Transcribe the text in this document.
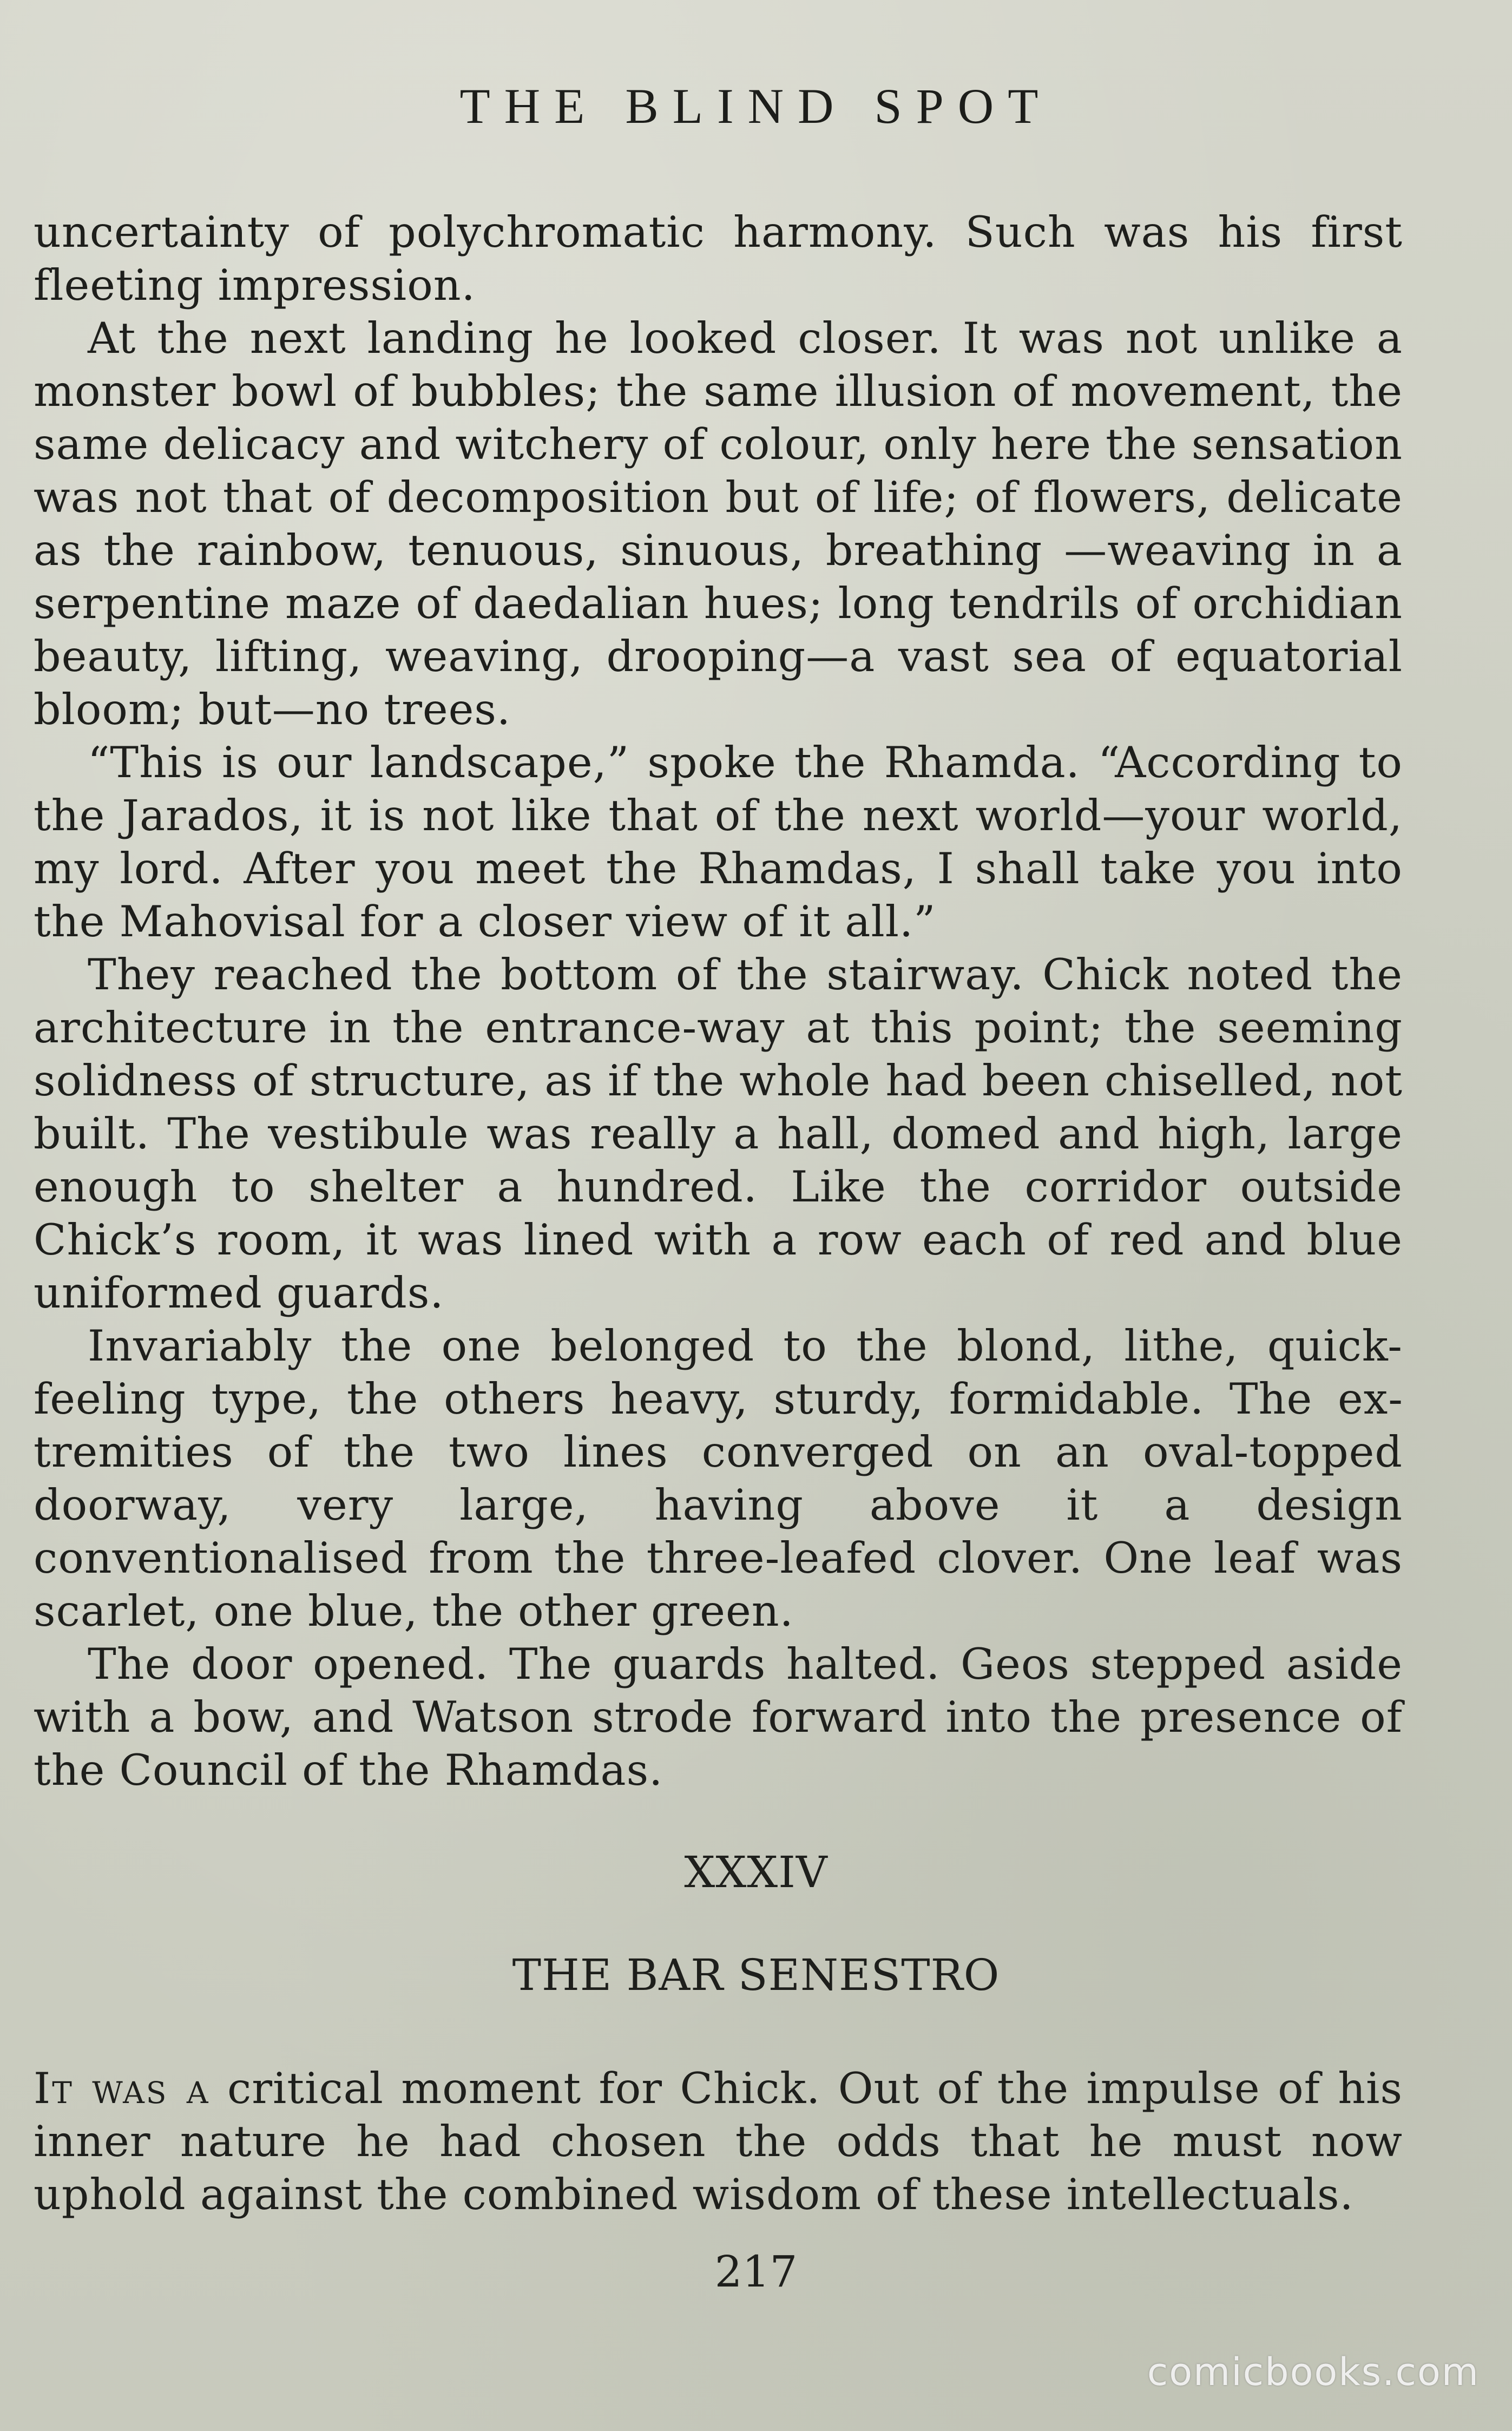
THE BLIND SPOT

uncertainty of polychromatic harmony. Such was his first fleeting impression.

At the next landing he looked closer. It was not unlike a monster bowl of bubbles; the same illusion of movement, the same delicacy and witchery of colour, only here the sensation was not that of decomposition but of life; of flowers, delicate as the rainbow, tenuous, sinuous, breathing —weaving in a serpentine maze of daedalian hues; long tendrils of orchidian beauty, lifting, weaving, drooping—a vast sea of equatorial bloom; but—no trees.

“This is our landscape,” spoke the Rhamda. “According to the Jarados, it is not like that of the next world—your world, my lord. After you meet the Rhamdas, I shall take you into the Mahovisal for a closer view of it all.”

They reached the bottom of the stairway. Chick noted the architecture in the entrance-way at this point; the seeming solidness of structure, as if the whole had been chiselled, not built. The vestibule was really a hall, domed and high, large enough to shelter a hundred. Like the corridor outside Chick’s room, it was lined with a row each of red and blue uniformed guards.

Invariably the one belonged to the blond, lithe, quick-feeling type, the others heavy, sturdy, formidable. The extremities of the two lines converged on an oval-topped doorway, very large, having above it a design conventionalised from the three-leafed clover. One leaf was scarlet, one blue, the other green.

The door opened. The guards halted. Geos stepped aside with a bow, and Watson strode forward into the presence of the Council of the Rhamdas.

XXXIV
THE BAR SENESTRO

It was a critical moment for Chick. Out of the impulse of his inner nature he had chosen the odds that he must now uphold against the combined wisdom of these intellectuals.

217
comicbooks.com
